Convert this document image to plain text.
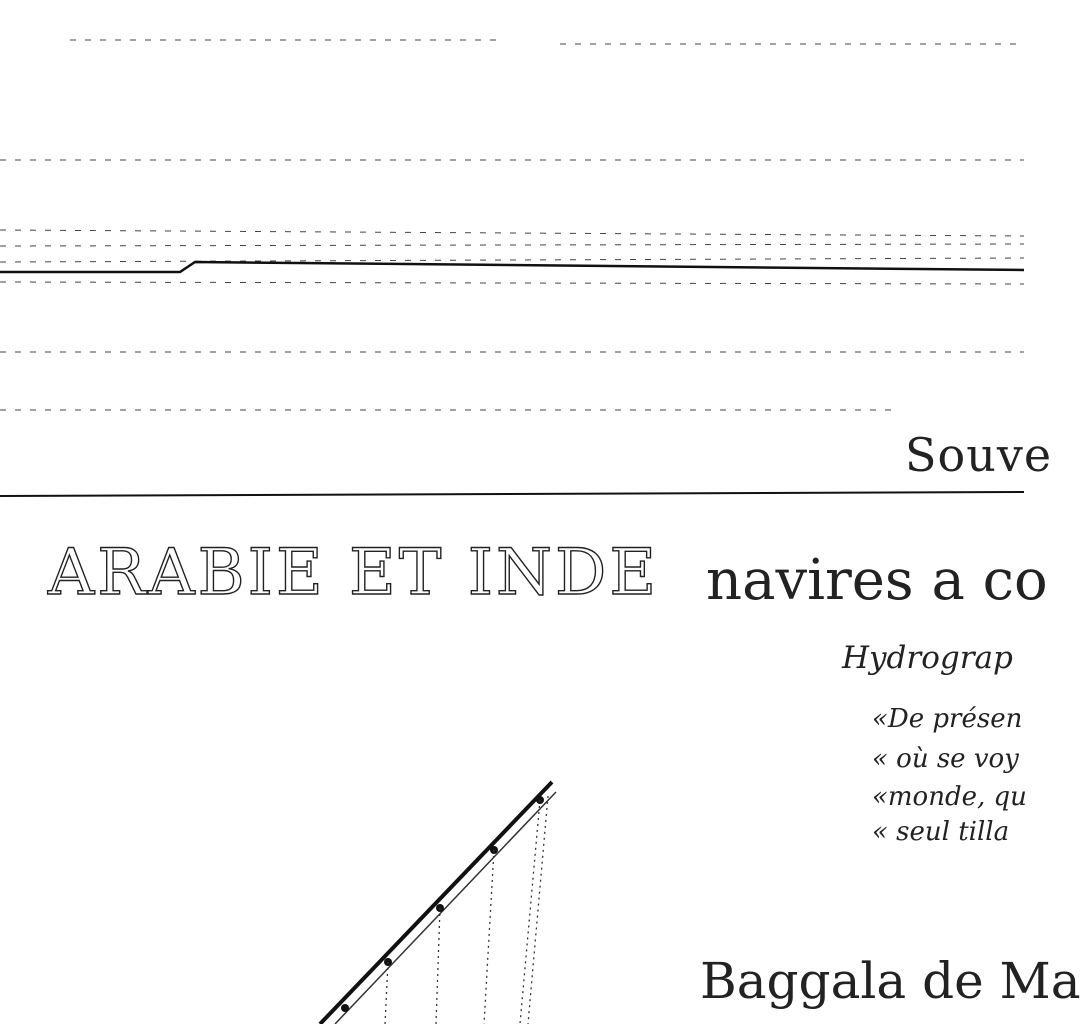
Souve
ARABIE ET INDE navires a co
Hydrograp
«De présen
« où se voy
«monde, qu
« seul tilla
Baggala de Ma
